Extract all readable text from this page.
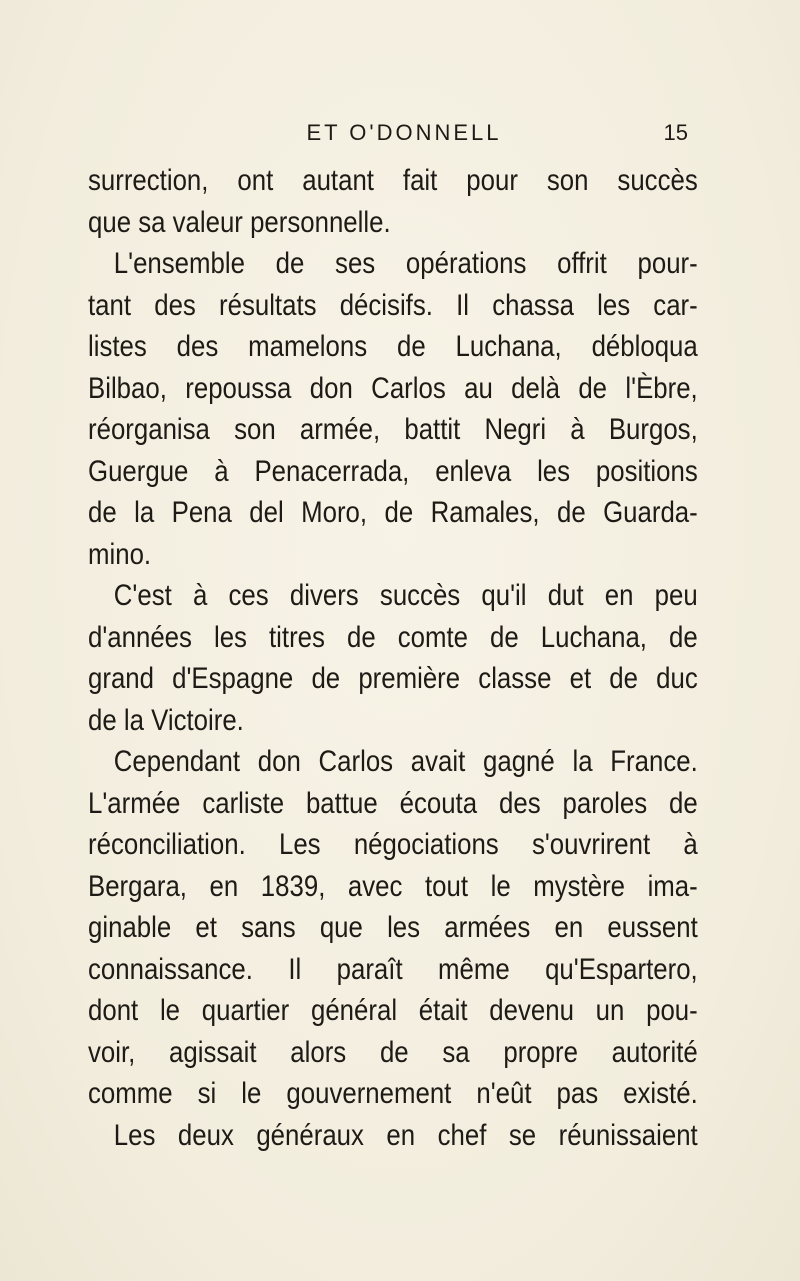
ET O'DONNELL	15
surrection, ont autant fait pour son succès
que sa valeur personnelle.
L'ensemble de ses opérations offrit pour-
tant des résultats décisifs. Il chassa les car-
listes des mamelons de Luchana, débloqua
Bilbao, repoussa don Carlos au delà de l'Èbre,
réorganisa son armée, battit Negri à Burgos,
Guergue à Penacerrada, enleva les positions
de la Pena del Moro, de Ramales, de Guarda-
mino.
C'est à ces divers succès qu'il dut en peu
d'années les titres de comte de Luchana, de
grand d'Espagne de première classe et de duc
de la Victoire.
Cependant don Carlos avait gagné la France.
L'armée carliste battue écouta des paroles de
réconciliation. Les négociations s'ouvrirent à
Bergara, en 1839, avec tout le mystère ima-
ginable et sans que les armées en eussent
connaissance. Il paraît même qu'Espartero,
dont le quartier général était devenu un pou-
voir, agissait alors de sa propre autorité
comme si le gouvernement n'eût pas existé.
Les deux généraux en chef se réunissaient
